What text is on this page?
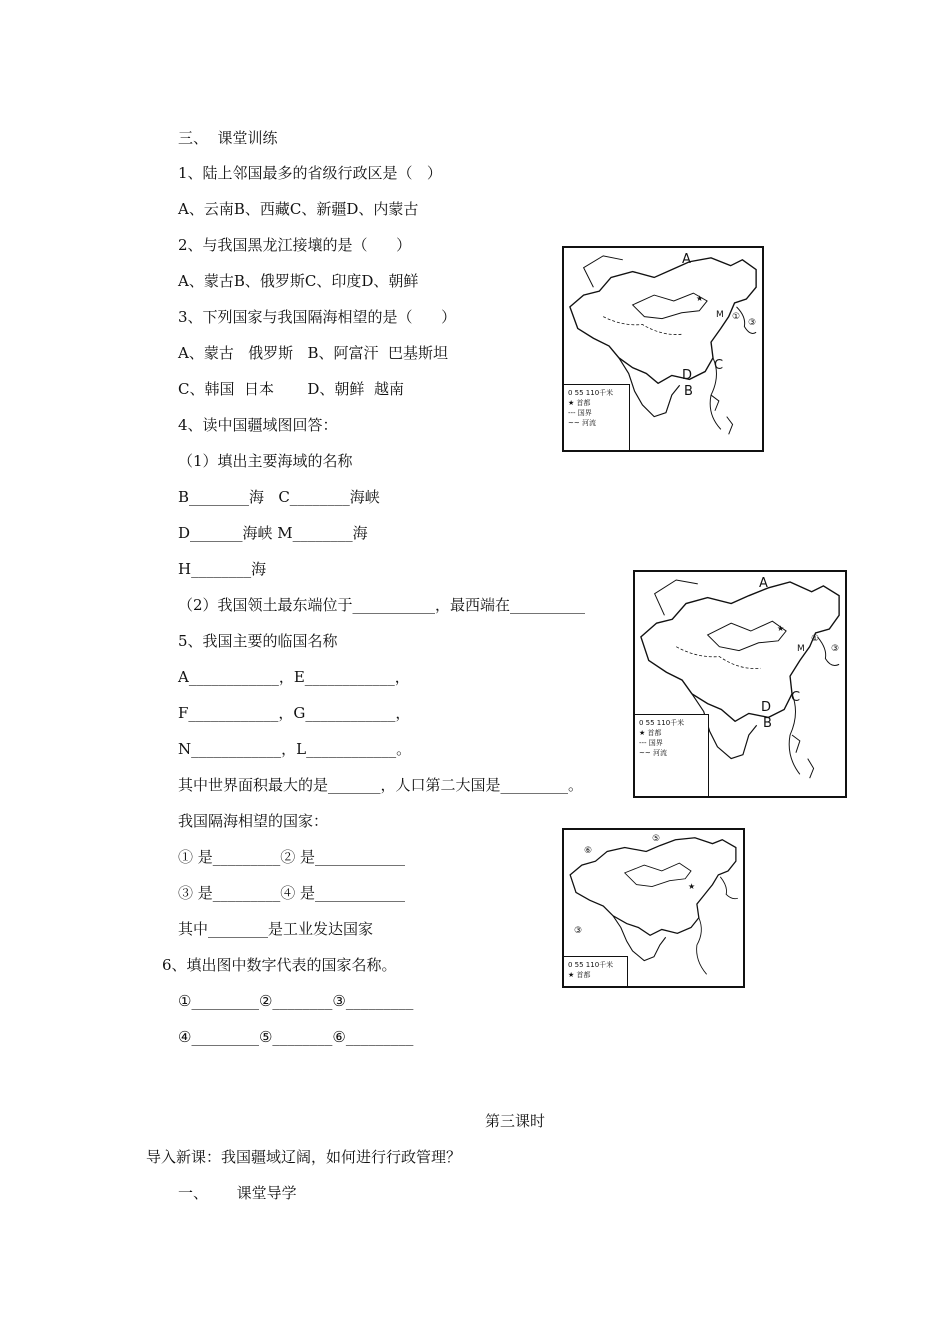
三、  课堂训练
1、陆上邻国最多的省级行政区是（   ）
A、云南B、西藏C、新疆D、内蒙古
2、与我国黑龙江接壤的是（      ）
A、蒙古B、俄罗斯C、印度D、朝鲜
3、下列国家与我国隔海相望的是（      ）
A、蒙古   俄罗斯   B、阿富汗  巴基斯坦
C、韩国  日本       D、朝鲜  越南
4、读中国疆域图回答：
（1）填出主要海域的名称
B________海   C________海峡
D_______海峡 M________海
H________海
（2）我国领土最东端位于___________，最西端在__________
5、我国主要的临国名称
A____________，E____________，
F____________，G____________，
N____________，L____________。
其中世界面积最大的是_______，人口第二大国是_________。
我国隔海相望的国家：
① 是_________② 是____________
③ 是_________④ 是____________
其中________是工业发达国家
6、填出图中数字代表的国家名称。
①_________②________③_________
④_________⑤________⑥_________
第三课时
导入新课：我国疆域辽阔，如何进行行政管理？
一、      课堂导学
A
M
C
D
B
①
③
★
0 55 110千米
★ 首都
--- 国界
~~ 河流
A
M
C
D
B
①
③
★
0 55 110千米
★ 首都
--- 国界
~~ 河流
⑤
⑥
③
★
0 55 110千米
★ 首都
